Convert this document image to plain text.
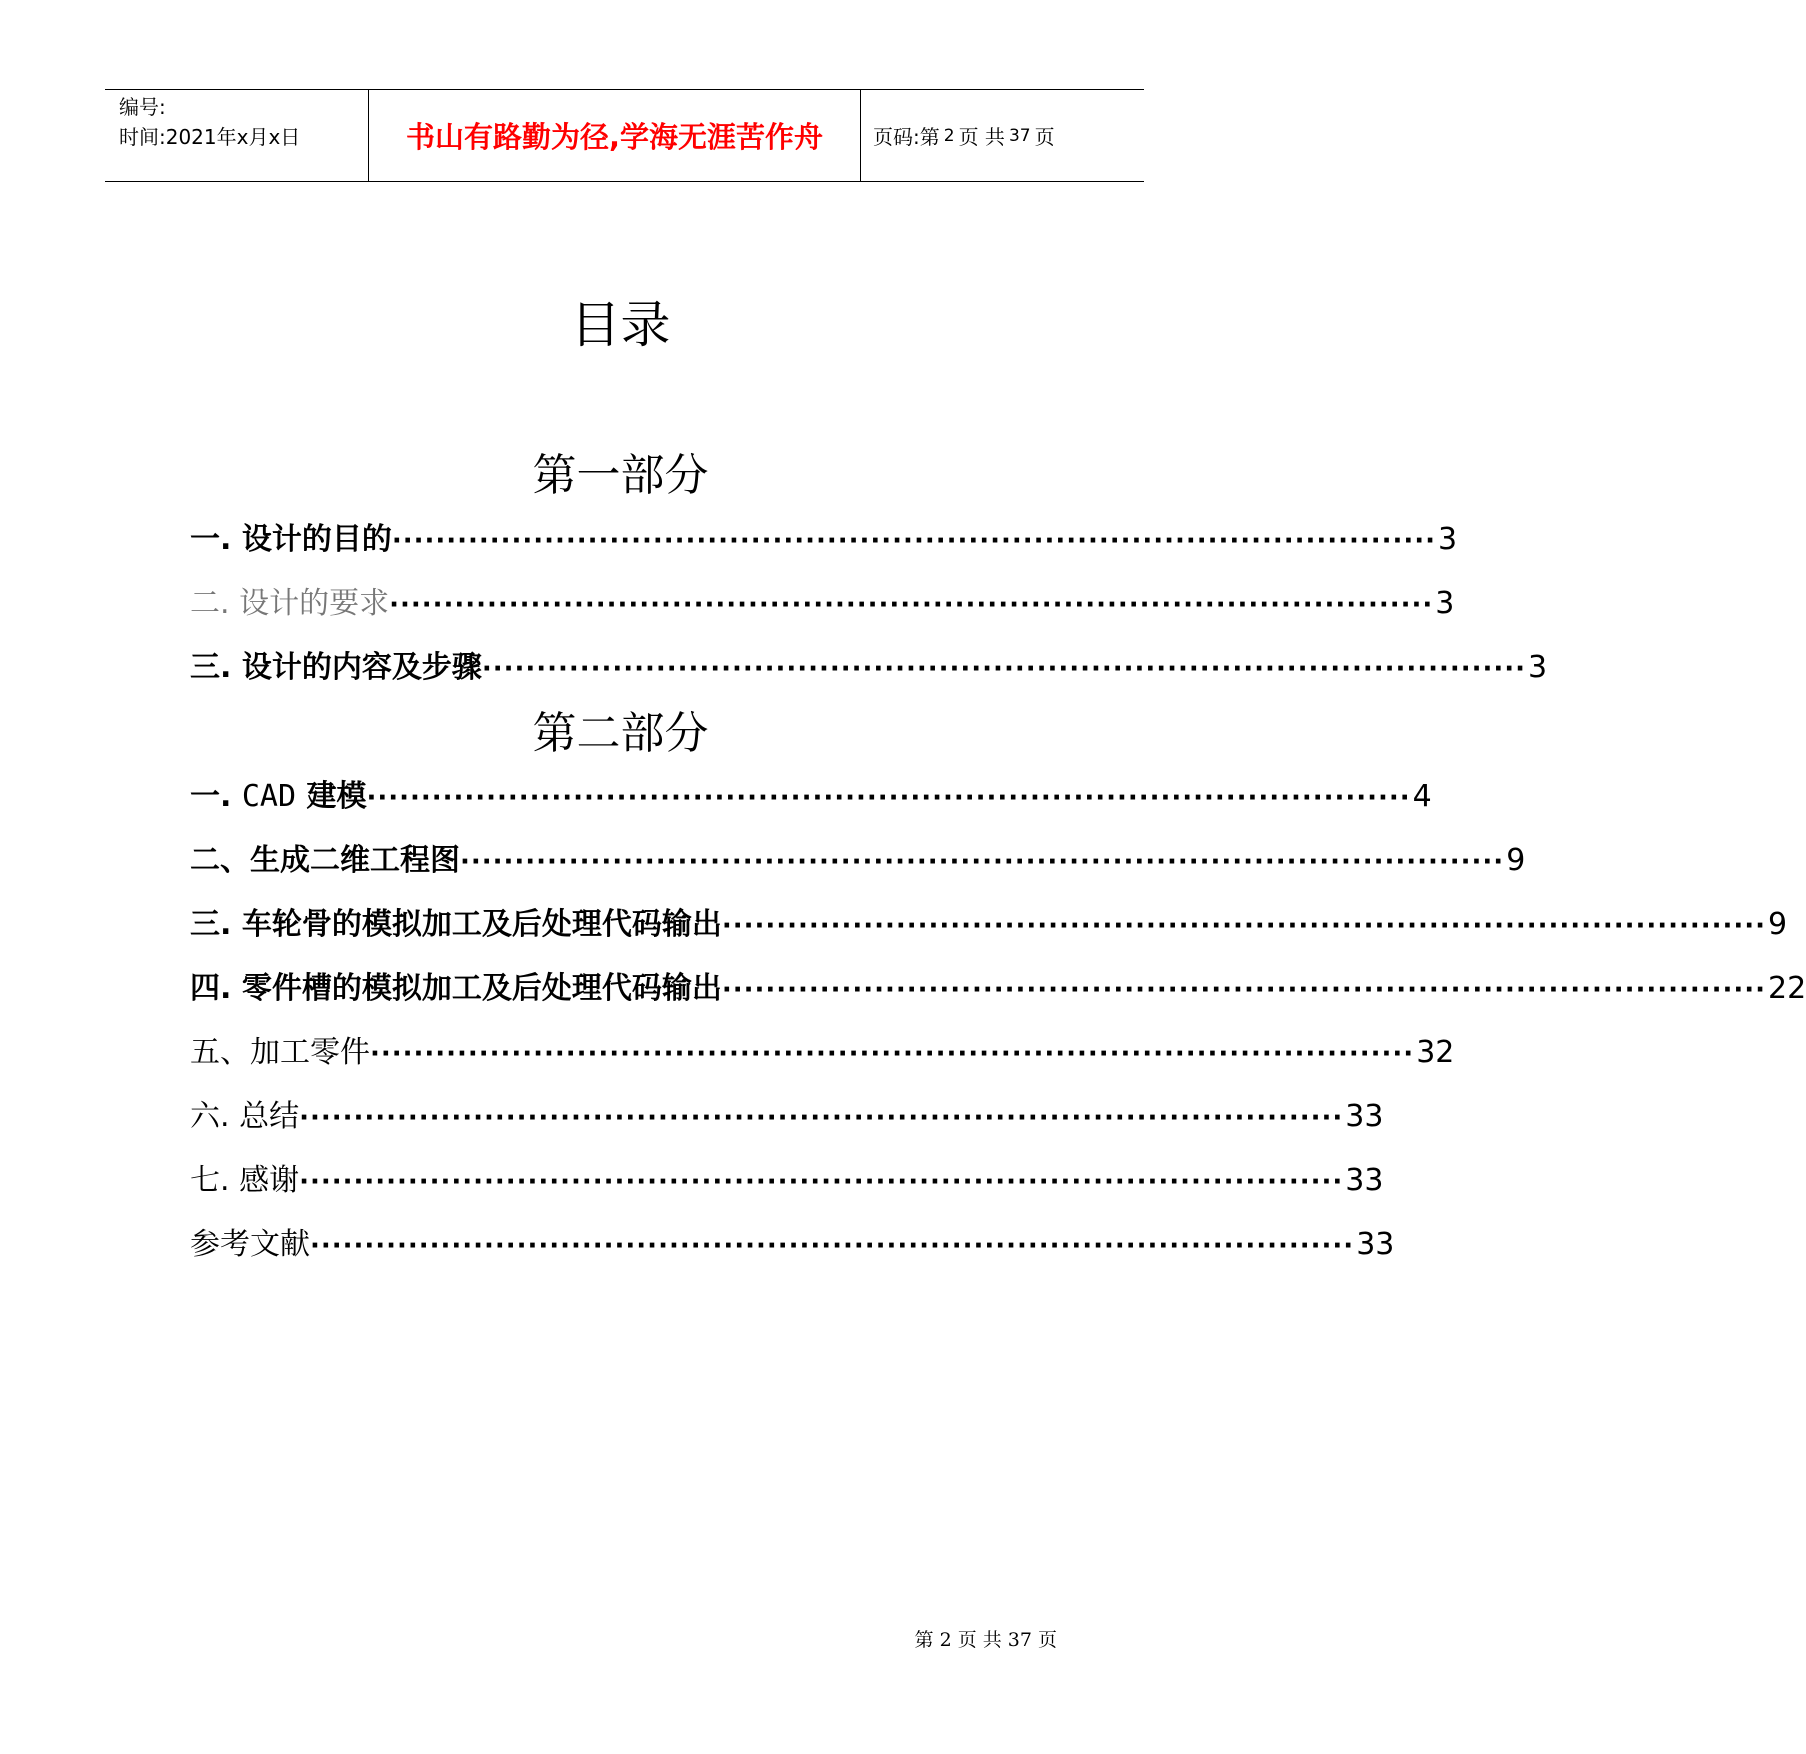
编号:
时间:2021年x月x日	书山有路勤为径,学海无涯苦作舟	页码:第 2 页 共 37 页
目录
第一部分
一. 设计的目的 ································································································ 3
二. 设计的要求 ································································································ 3
三. 设计的内容及步骤 ································································································ 3
第二部分
一. CAD 建模 ································································································ 4
二、生成二维工程图 ································································································ 9
三. 车轮骨的模拟加工及后处理代码输出 ································································································ 9
四. 零件槽的模拟加工及后处理代码输出 ································································································ 22
五、加工零件 ································································································ 32
六. 总结 ································································································ 33
七. 感谢 ································································································ 33
参考文献 ································································································ 33
第 2 页 共 37 页
